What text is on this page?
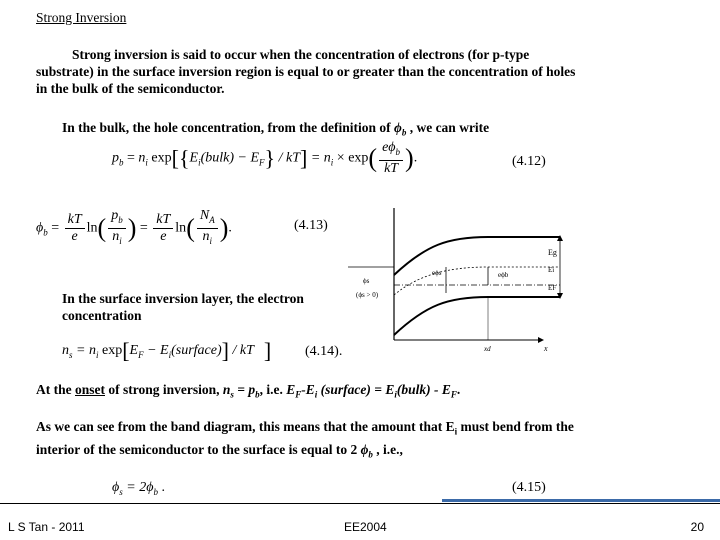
Strong Inversion
Strong inversion is said to occur when the concentration of electrons (for p-type substrate) in the surface inversion region is equal to or greater than the concentration of holes in the bulk of the semiconductor.
In the bulk, the hole concentration, from the definition of $\phi_b$ , we can write
$p_b = n_i$ $\exp[\{E_i(bulk) - E_F\} / kT] = n_i \times \exp( \frac{e\phi_b}{kT}$ ).	(4.12)
$\phi_b = \frac{kT}{e} \ln( \frac{p_b}{n_i}$ ) = $\frac{kT}{e} \ln( \frac{N_A}{n_i}$ ).	(4.13)
In the surface inversion layer, the electron concentration
$n_s = n_i$ $\exp[E_F$ − $E_i(surface)$] / kT ] (4.14).
Eg
Ei
EF
eϕs	eϕb
ϕs
(ϕs > 0)
xd	x
At the onset of strong inversion, $n_s = p_b$, i.e. $E_F-E_i$ (surface) = $E_i(bulk) - E_F$.
As we can see from the band diagram, this means that the amount that $E_i$ must bend from the interior of the semiconductor to the surface is equal to 2 $\phi_b$ , i.e.,
$\phi_s = 2\phi_b$ .	(4.15)
L S Tan - 2011	EE2004	20
